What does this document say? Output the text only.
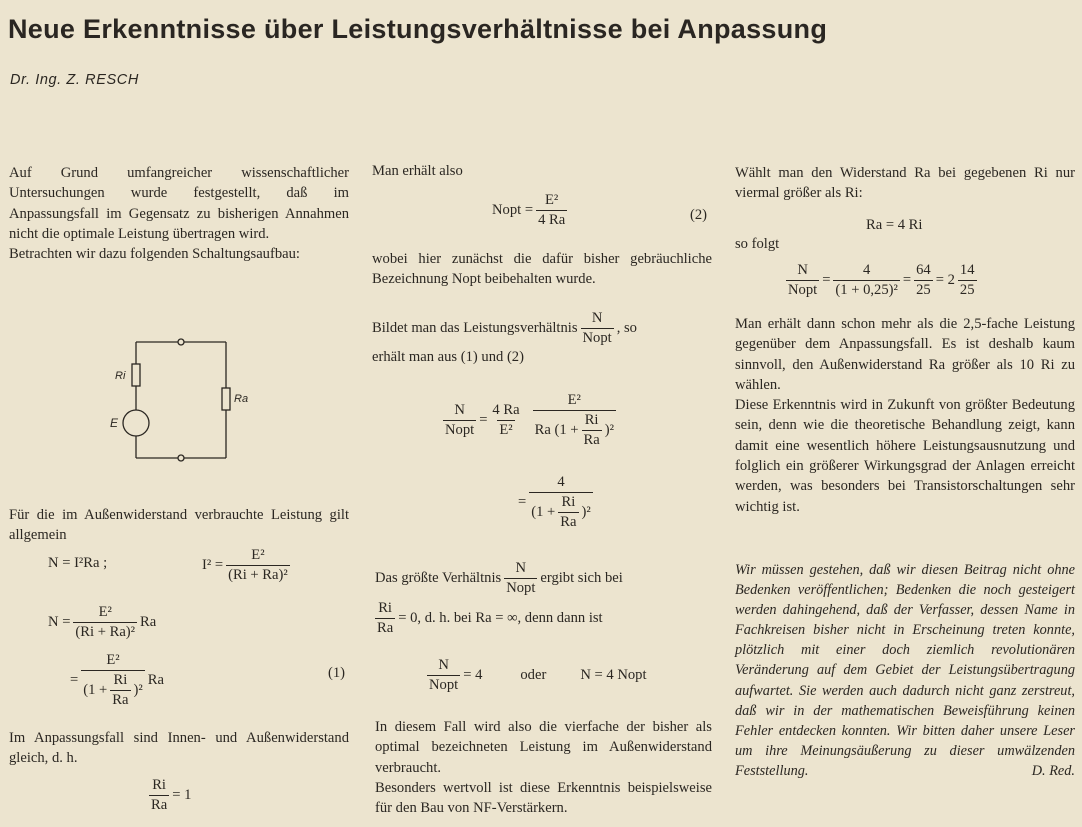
Neue Erkenntnisse über Leistungsverhältnisse bei Anpassung
Dr. Ing. Z. RESCH

Auf Grund umfangreicher wissenschaftlicher Untersuchungen wurde festgestellt, daß im Anpassungsfall im Gegensatz zu bisherigen Annahmen nicht die optimale Leistung übertragen wird.

Betrachten wir dazu folgenden Schaltungsaufbau:

Ri
Ra
E

Für die im Außenwiderstand verbrauchte Leistung gilt allgemein

N = I²Ra ;	$I^2 = \frac{\text{E²}}{\text{(Ri + Ra)²}}$
$N = \frac{\text{E²}}{\text{(Ri + Ra)²}}$ Ra
= $\frac{\text{E²}}{(1 + \frac{Ri}{Ra} )^2}$ Ra	(1)

Im Anpassungsfall sind Innen- und Außenwiderstand gleich, d. h.

$\frac{Ri}{Ra} = 1$
Man erhält also
Nopt = $\frac{\text{E²}}{4 Ra}$	(2)

wobei hier zunächst die dafür bisher gebräuchliche Bezeichnung Nopt beibehalten wurde.

Bildet man das Leistungsverhältnis $\frac{N}{\text{Nopt}}$ , so
erhält man aus (1) und (2)
$\frac{N}{\text{Nopt}} = \frac{4 Ra}{\text{E²}} \frac{\text{E²}}{Ra (1 + \frac{Ri}{Ra} )^2}$
= $\frac{4}{(1 + \frac{Ri}{Ra} )^2}$
Das größte Verhältnis $\frac{N}{\text{Nopt}}$ ergibt sich bei
$\frac{Ri}{Ra} = 0$, d. h. bei Ra = ∞, denn dann ist
$\frac{N}{\text{Nopt}} = 4$	oder N = 4 Nopt

In diesem Fall wird also die vierfache der bisher als optimal bezeichneten Leistung im Außenwiderstand verbraucht.

Besonders wertvoll ist diese Erkenntnis beispielsweise für den Bau von NF-Verstärkern.

Wählt man den Widerstand Ra bei gegebenen Ri nur viermal größer als Ri:

Ra = 4 Ri
so folgt
$\frac{N}{\text{Nopt}} = \frac{4}{\text{(1 + 0,25)²}} = \frac{64}{25} = 2 \frac{14}{25}$

Man erhält dann schon mehr als die 2,5-fache Leistung gegenüber dem Anpassungsfall. Es ist deshalb kaum sinnvoll, den Außenwiderstand Ra größer als 10 Ri zu wählen.

Diese Erkenntnis wird in Zukunft von größter Bedeutung sein, denn wie die theoretische Behandlung zeigt, kann damit eine wesentlich höhere Leistungsausnutzung und folglich ein größerer Wirkungsgrad der Anlagen erreicht werden, was besonders bei Transistorschaltungen sehr wichtig ist.

Wir müssen gestehen, daß wir diesen Beitrag nicht ohne Bedenken veröffentlichen; Bedenken die noch gesteigert werden dahingehend, daß der Verfasser, dessen Name in Fachkreisen bisher nicht in Erscheinung treten konnte, plötzlich mit einer doch ziemlich revolutionären Veränderung auf dem Gebiet der Leistungsübertragung aufwartet. Sie werden auch dadurch nicht ganz zerstreut, daß wir in der mathematischen Beweisführung keinen Fehler entdecken konnten. Wir bitten daher unsere Leser um ihre Meinungsäußerung zu dieser umwälzenden Feststellung.	D. Red.
